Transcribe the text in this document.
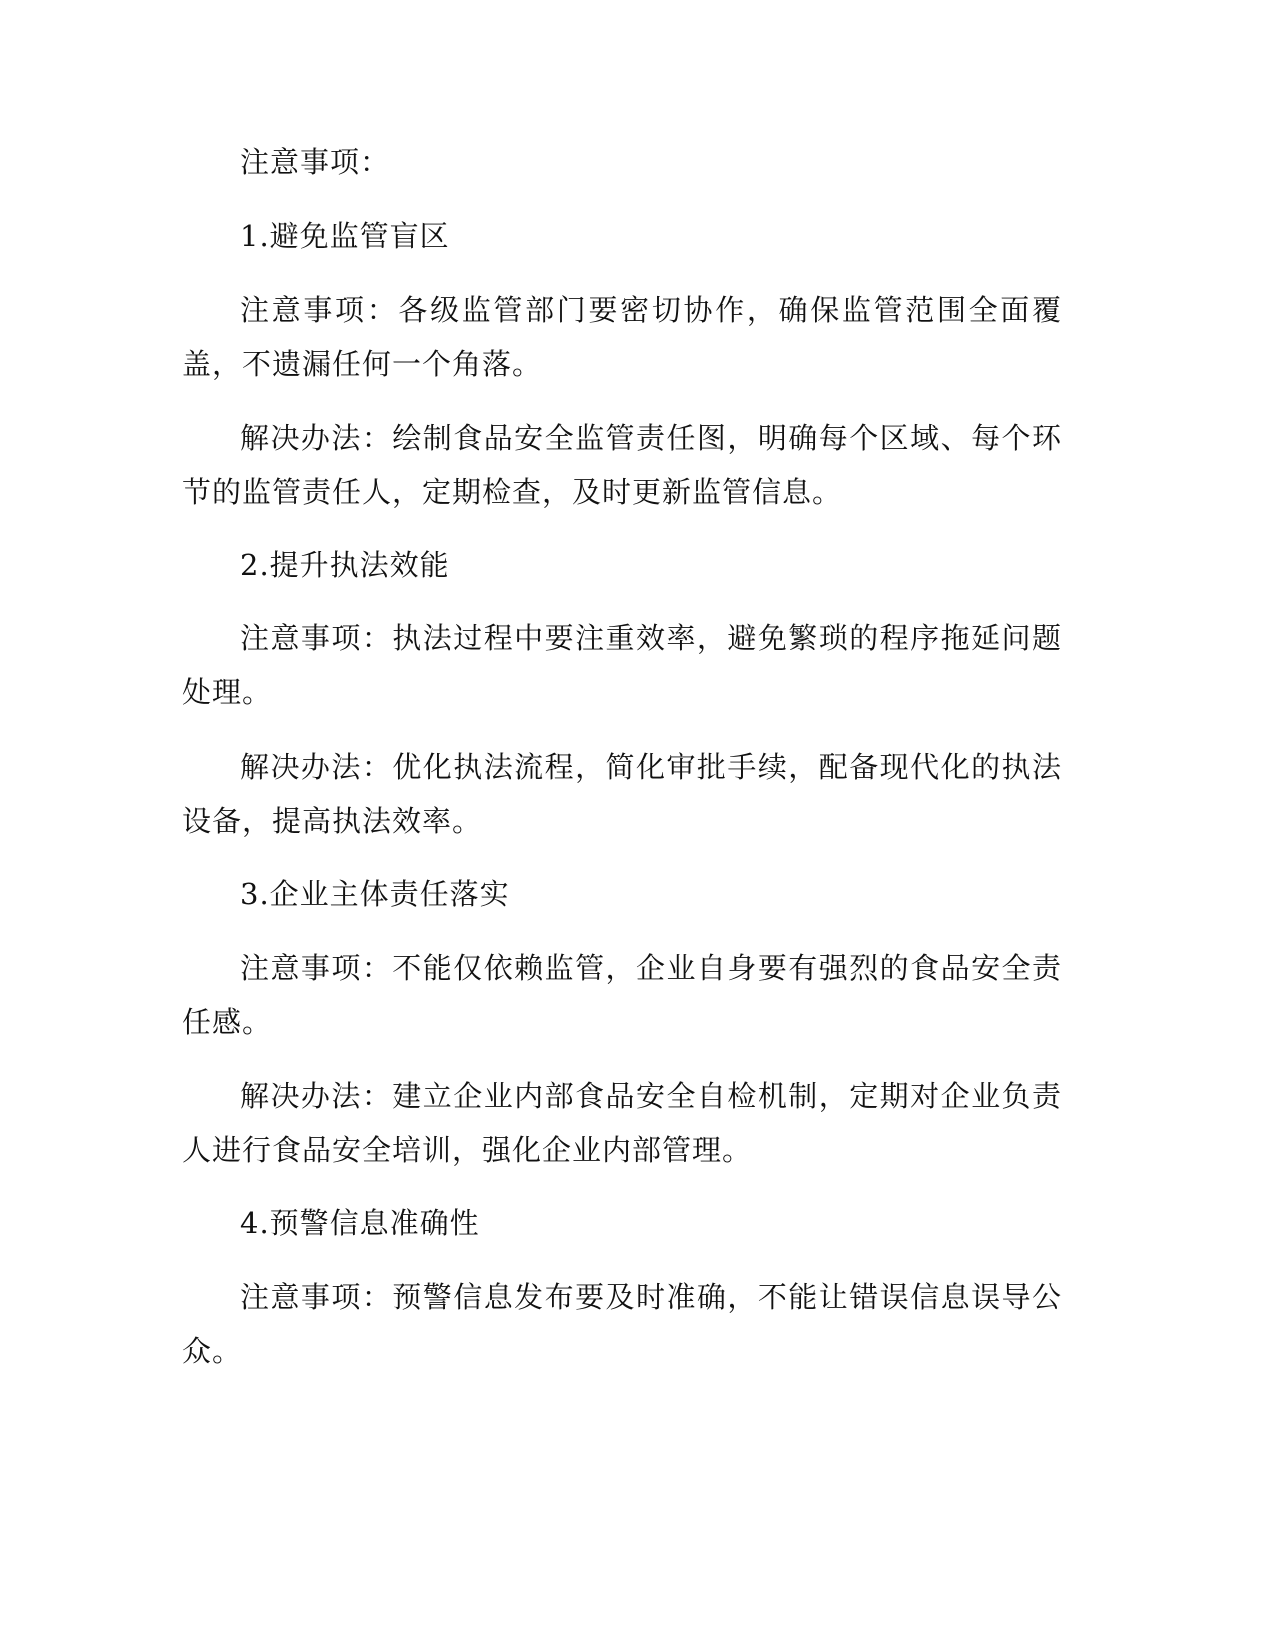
注意事项：

1.避免监管盲区

注意事项：各级监管部门要密切协作，确保监管范围全面覆盖，不遗漏任何一个角落。

解决办法：绘制食品安全监管责任图，明确每个区域、每个环节的监管责任人，定期检查，及时更新监管信息。

2.提升执法效能

注意事项：执法过程中要注重效率，避免繁琐的程序拖延问题处理。

解决办法：优化执法流程，简化审批手续，配备现代化的执法设备，提高执法效率。

3.企业主体责任落实

注意事项：不能仅依赖监管，企业自身要有强烈的食品安全责任感。

解决办法：建立企业内部食品安全自检机制，定期对企业负责人进行食品安全培训，强化企业内部管理。

4.预警信息准确性

注意事项：预警信息发布要及时准确，不能让错误信息误导公众。
